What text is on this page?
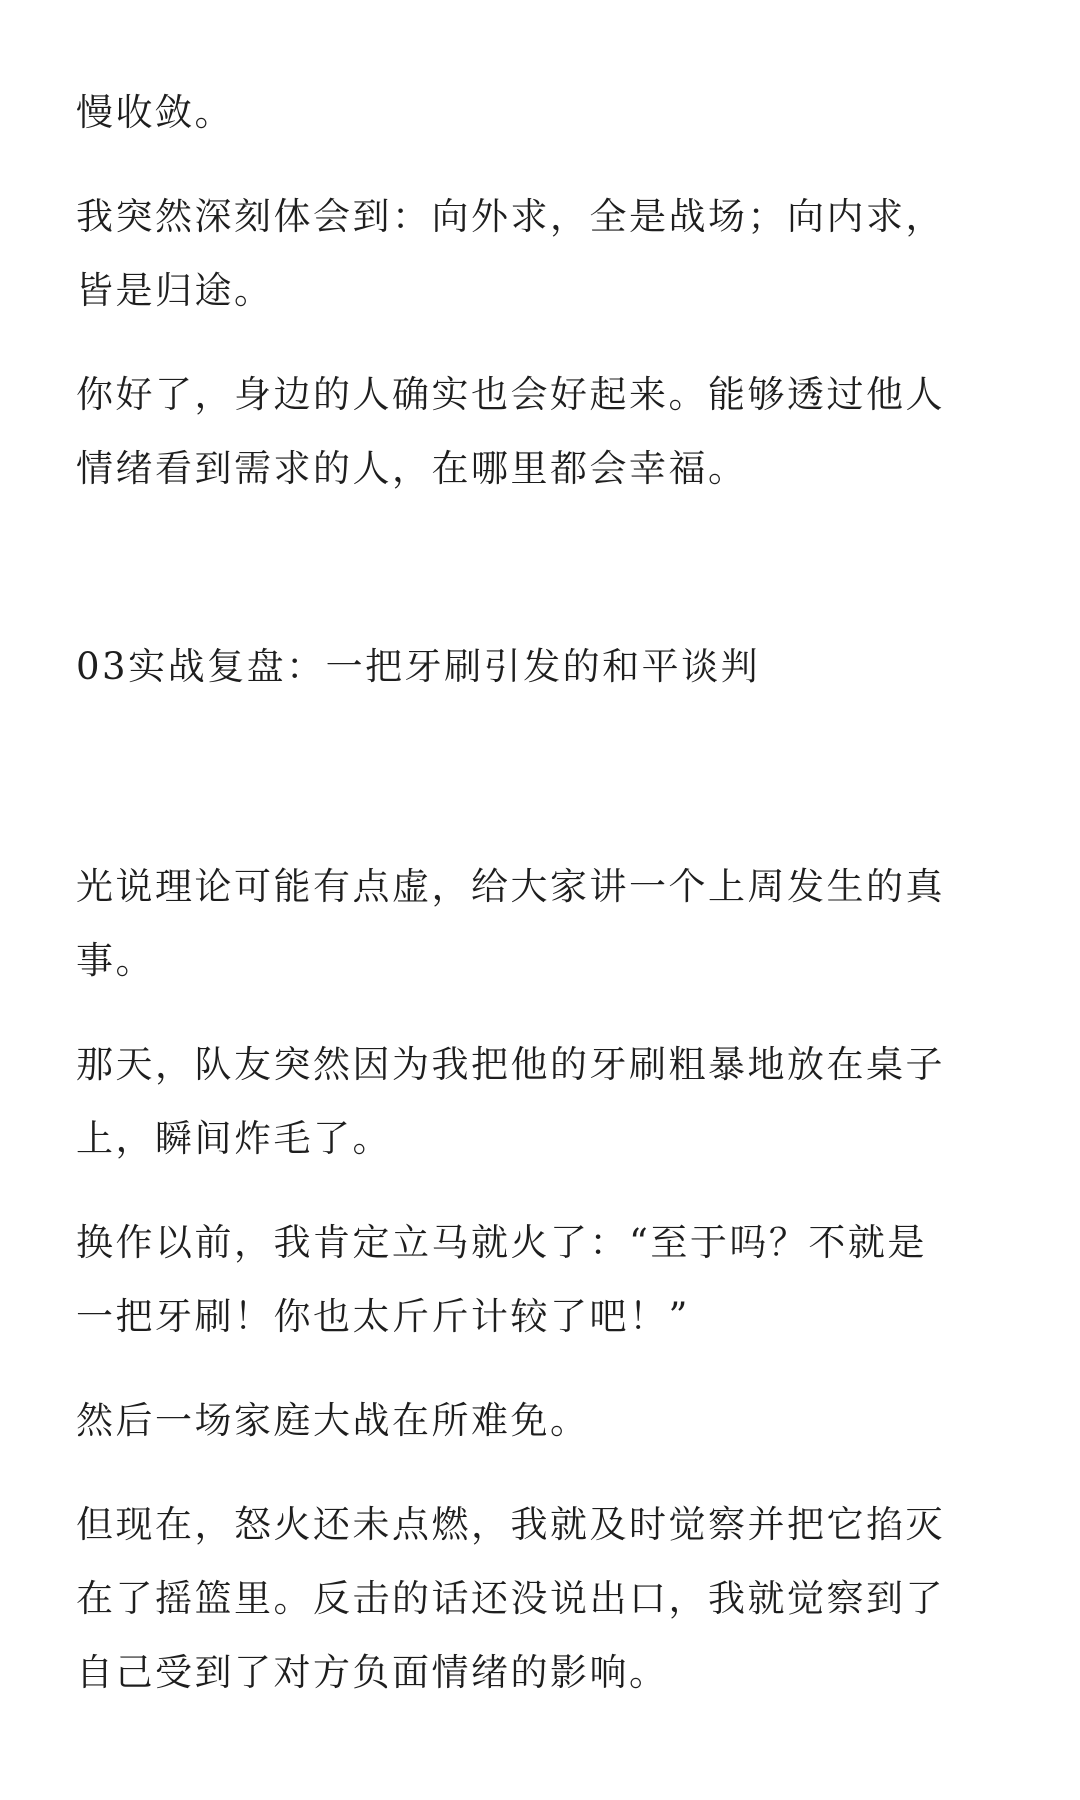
慢收敛。

我突然深刻体会到：向外求，全是战场；向内求，
皆是归途。

你好了，身边的人确实也会好起来。能够透过他人
情绪看到需求的人，在哪里都会幸福。

03实战复盘：一把牙刷引发的和平谈判

光说理论可能有点虚，给大家讲一个上周发生的真
事。

那天，队友突然因为我把他的牙刷粗暴地放在桌子
上，瞬间炸毛了。

换作以前，我肯定立马就火了：“至于吗？不就是
一把牙刷！你也太斤斤计较了吧！”

然后一场家庭大战在所难免。

但现在，怒火还未点燃，我就及时觉察并把它掐灭
在了摇篮里。反击的话还没说出口，我就觉察到了
自己受到了对方负面情绪的影响。
